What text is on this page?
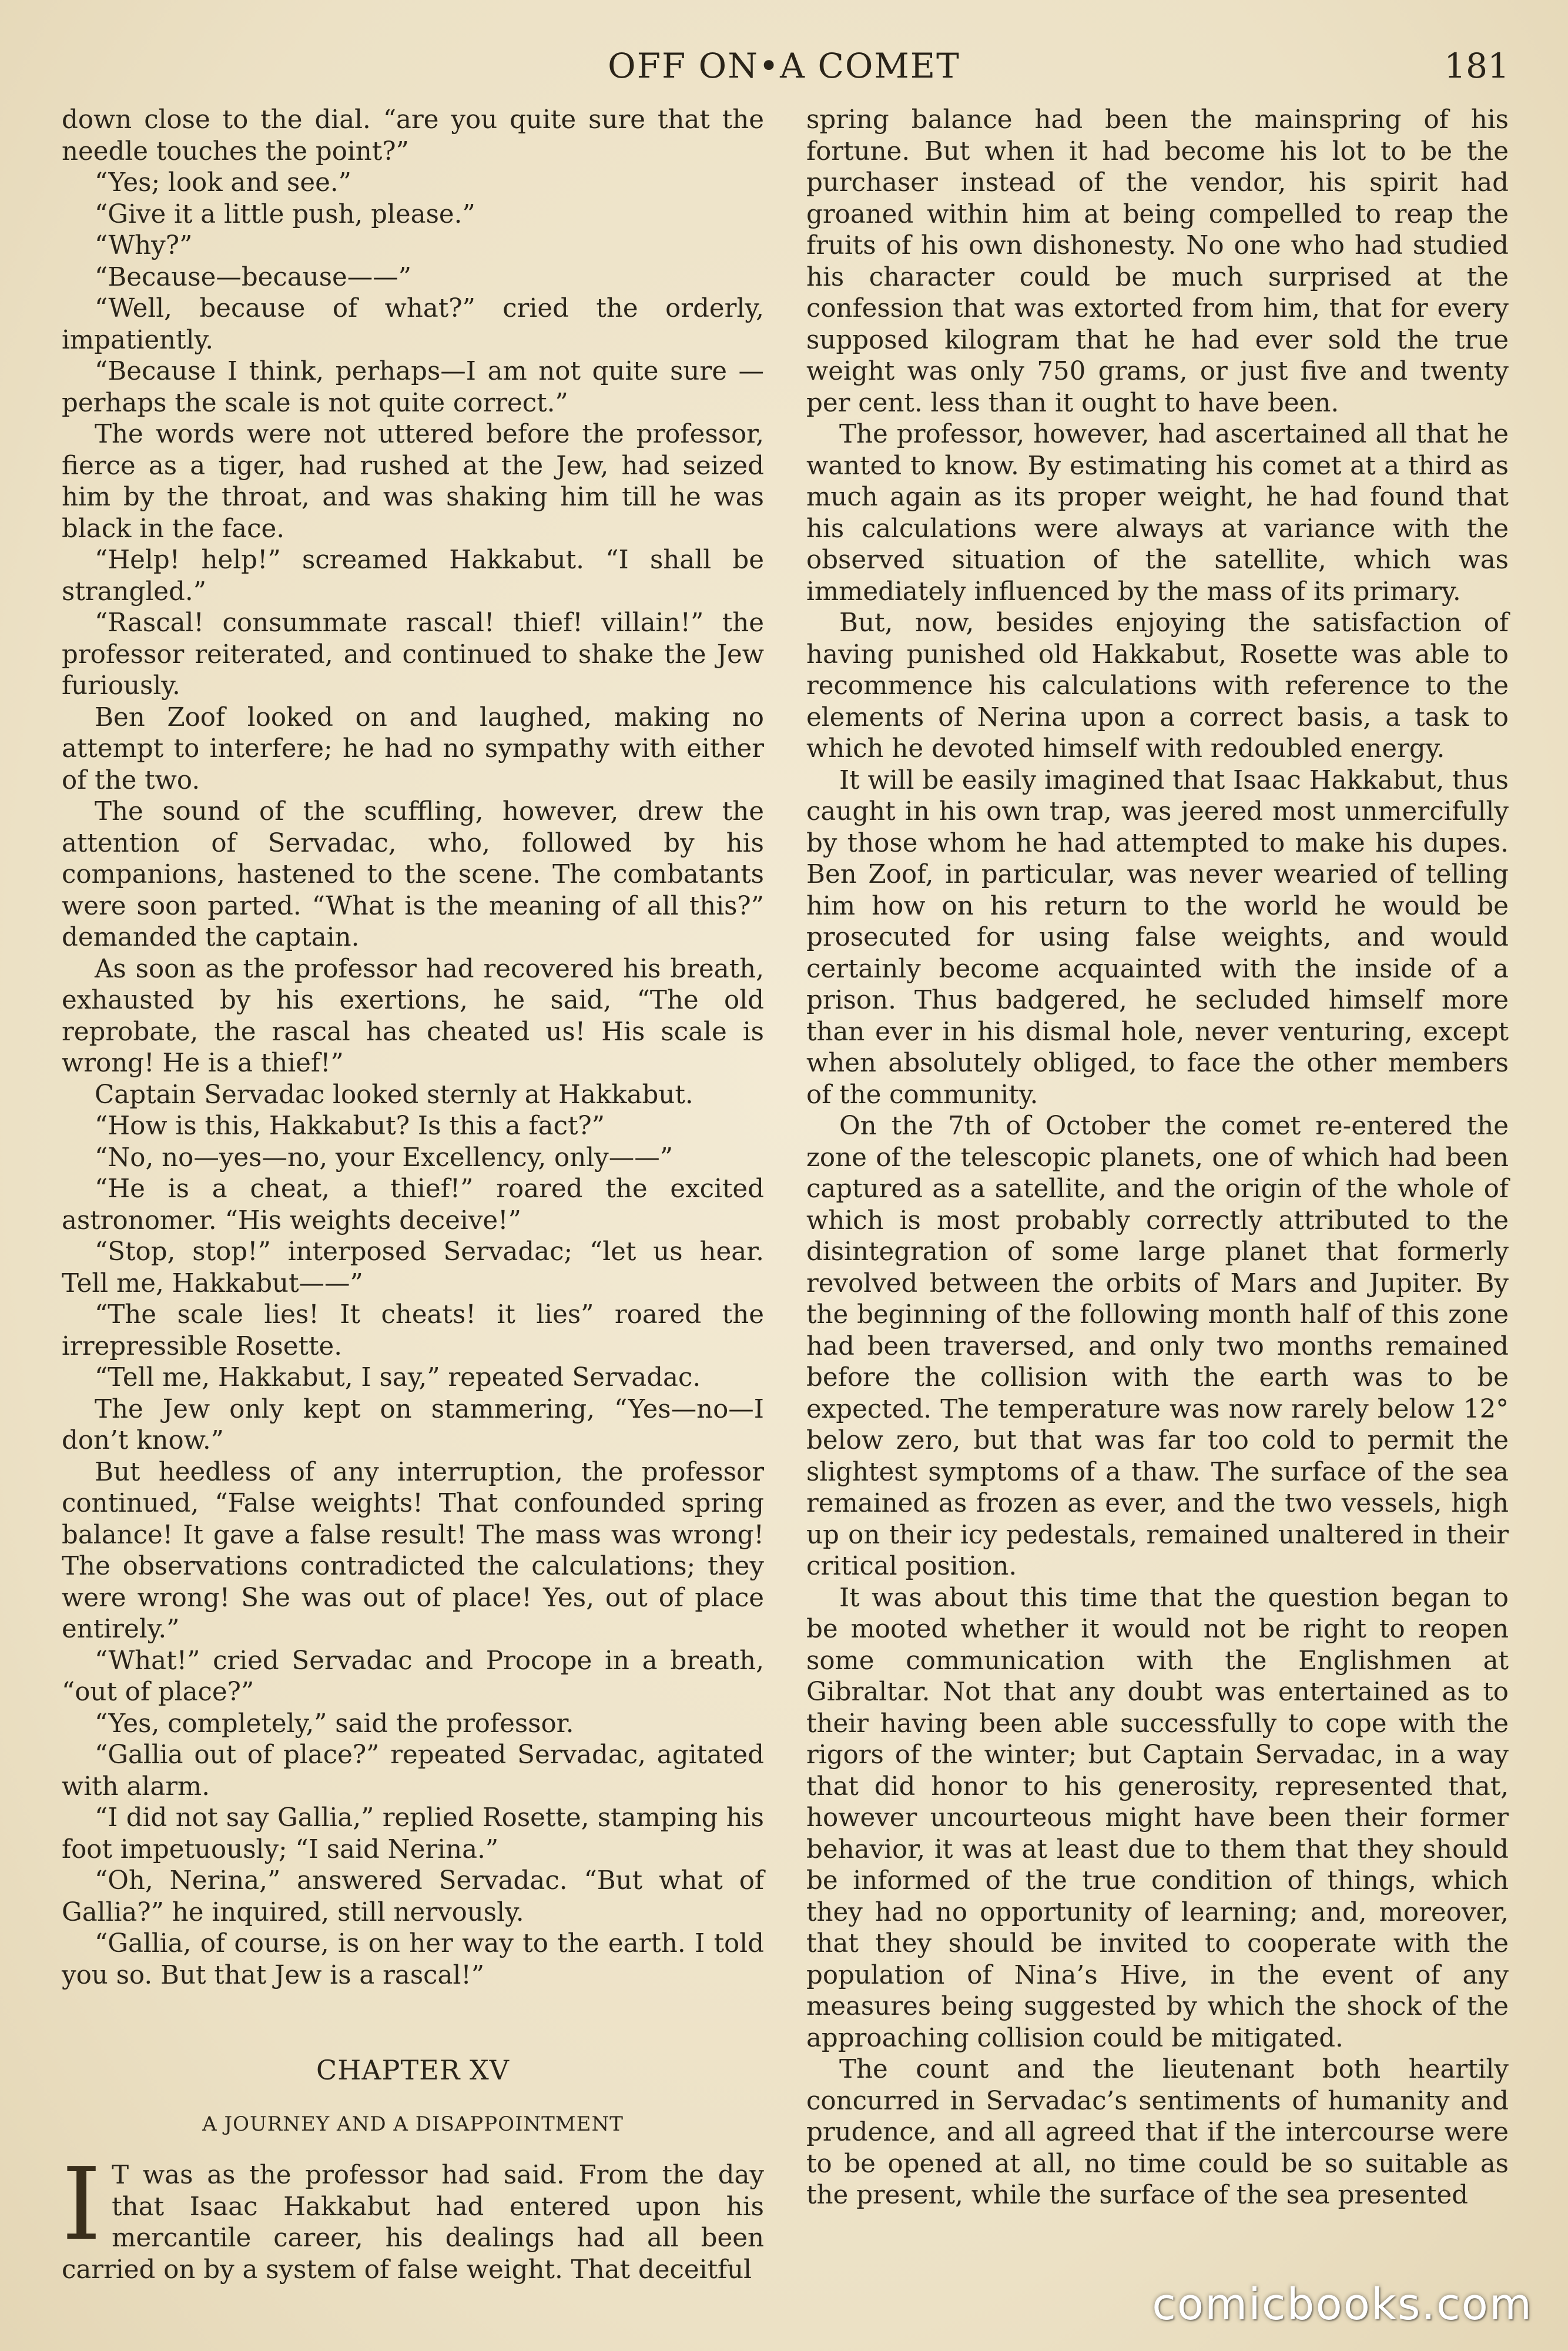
OFF ON•A COMET	181

down close to the dial. “are you quite sure that the needle touches the point?”

“Yes; look and see.”

“Give it a little push, please.”

“Why?”

“Because—because——”

“Well, because of what?” cried the orderly, impatiently.

“Because I think, perhaps—I am not quite sure —perhaps the scale is not quite correct.”

The words were not uttered before the professor, fierce as a tiger, had rushed at the Jew, had seized him by the throat, and was shaking him till he was black in the face.

“Help! help!” screamed Hakkabut. “I shall be strangled.”

“Rascal! consummate rascal! thief! villain!” the professor reiterated, and continued to shake the Jew furiously.

Ben Zoof looked on and laughed, making no attempt to interfere; he had no sympathy with either of the two.

The sound of the scuffling, however, drew the attention of Servadac, who, followed by his companions, hastened to the scene. The combatants were soon parted. “What is the meaning of all this?” demanded the captain.

As soon as the professor had recovered his breath, exhausted by his exertions, he said, “The old reprobate, the rascal has cheated us! His scale is wrong! He is a thief!”

Captain Servadac looked sternly at Hakkabut.

“How is this, Hakkabut? Is this a fact?”

“No, no—yes—no, your Excellency, only——”

“He is a cheat, a thief!” roared the excited astronomer. “His weights deceive!”

“Stop, stop!” interposed Servadac; “let us hear. Tell me, Hakkabut——”

“The scale lies! It cheats! it lies” roared the irrepressible Rosette.

“Tell me, Hakkabut, I say,” repeated Servadac.

The Jew only kept on stammering, “Yes—no—I don’t know.”

But heedless of any interruption, the professor continued, “False weights! That confounded spring balance! It gave a false result! The mass was wrong! The observations contradicted the calculations; they were wrong! She was out of place! Yes, out of place entirely.”

“What!” cried Servadac and Procope in a breath, “out of place?”

“Yes, completely,” said the professor.

“Gallia out of place?” repeated Servadac, agitated with alarm.

“I did not say Gallia,” replied Rosette, stamping his foot impetuously; “I said Nerina.”

“Oh, Nerina,” answered Servadac. “But what of Gallia?” he inquired, still nervously.

“Gallia, of course, is on her way to the earth. I told you so. But that Jew is a rascal!”

CHAPTER XV
A JOURNEY AND A DISAPPOINTMENT

I T was as the professor had said. From the day that Isaac Hakkabut had entered upon his mercantile career, his dealings had all been carried on by a system of false weight. That deceitful

spring balance had been the mainspring of his fortune. But when it had become his lot to be the purchaser instead of the vendor, his spirit had groaned within him at being compelled to reap the fruits of his own dishonesty. No one who had studied his character could be much surprised at the confession that was extorted from him, that for every supposed kilogram that he had ever sold the true weight was only 750 grams, or just five and twenty per cent. less than it ought to have been.

The professor, however, had ascertained all that he wanted to know. By estimating his comet at a third as much again as its proper weight, he had found that his calculations were always at variance with the observed situation of the satellite, which was immediately influenced by the mass of its primary.

But, now, besides enjoying the satisfaction of having punished old Hakkabut, Rosette was able to recommence his calculations with reference to the elements of Nerina upon a correct basis, a task to which he devoted himself with redoubled energy.

It will be easily imagined that Isaac Hakkabut, thus caught in his own trap, was jeered most unmercifully by those whom he had attempted to make his dupes. Ben Zoof, in particular, was never wearied of telling him how on his return to the world he would be prosecuted for using false weights, and would certainly become acquainted with the inside of a prison. Thus badgered, he secluded himself more than ever in his dismal hole, never venturing, except when absolutely obliged, to face the other members of the community.

On the 7th of October the comet re-entered the zone of the telescopic planets, one of which had been captured as a satellite, and the origin of the whole of which is most probably correctly attributed to the disintegration of some large planet that formerly revolved between the orbits of Mars and Jupiter. By the beginning of the following month half of this zone had been traversed, and only two months remained before the collision with the earth was to be expected. The temperature was now rarely below 12° below zero, but that was far too cold to permit the slightest symptoms of a thaw. The surface of the sea remained as frozen as ever, and the two vessels, high up on their icy pedestals, remained unaltered in their critical position.

It was about this time that the question began to be mooted whether it would not be right to reopen some communication with the Englishmen at Gibraltar. Not that any doubt was entertained as to their having been able successfully to cope with the rigors of the winter; but Captain Servadac, in a way that did honor to his generosity, represented that, however uncourteous might have been their former behavior, it was at least due to them that they should be informed of the true condition of things, which they had no opportunity of learning; and, moreover, that they should be invited to cooperate with the population of Nina’s Hive, in the event of any measures being suggested by which the shock of the approaching collision could be mitigated.

The count and the lieutenant both heartily concurred in Servadac’s sentiments of humanity and prudence, and all agreed that if the intercourse were to be opened at all, no time could be so suitable as the present, while the surface of the sea presented

comicbooks.com
